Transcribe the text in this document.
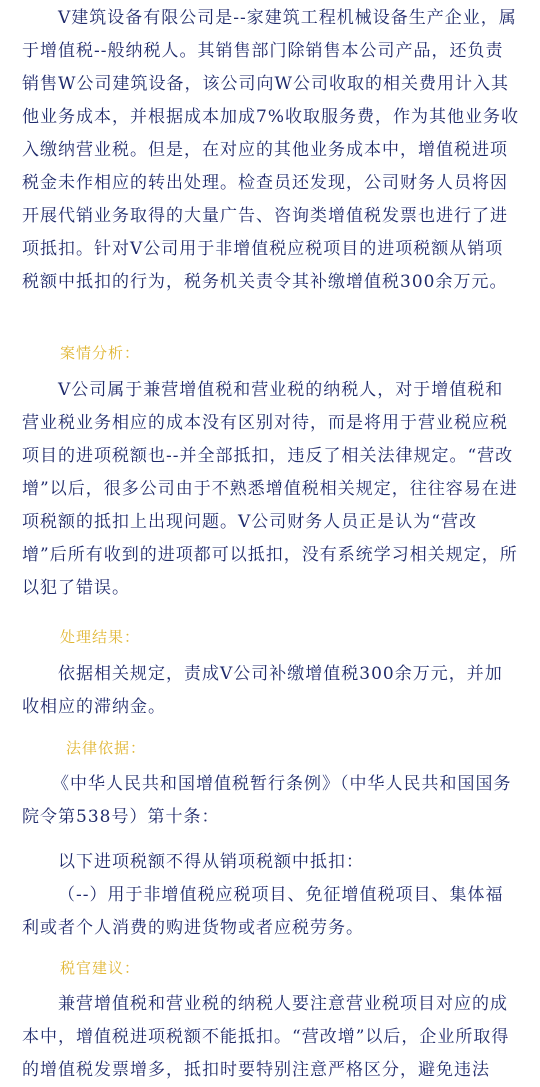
V建筑设备有限公司是--家建筑工程机械设备生产企业，属于增值税--般纳税人。其销售部门除销售本公司产品，还负责销售W公司建筑设备，该公司向W公司收取的相关费用计入其他业务成本，并根据成本加成7%收取服务费，作为其他业务收入缴纳营业税。但是，在对应的其他业务成本中，增值税进项税金未作相应的转出处理。检查员还发现，公司财务人员将因开展代销业务取得的大量广告、咨询类增值税发票也进行了进项抵扣。针对V公司用于非增值税应税项目的进项税额从销项税额中抵扣的行为，税务机关责令其补缴增值税300余万元。

案情分析：

V公司属于兼营增值税和营业税的纳税人，对于增值税和营业税业务相应的成本没有区别对待，而是将用于营业税应税项目的进项税额也--并全部抵扣，违反了相关法律规定。“营改增”以后，很多公司由于不熟悉增值税相关规定，往往容易在进项税额的抵扣上出现问题。V公司财务人员正是认为“营改增”后所有收到的进项都可以抵扣，没有系统学习相关规定，所以犯了错误。

处理结果：

依据相关规定，责成V公司补缴增值税300余万元，并加收相应的滞纳金。

法律依据：

《中华人民共和国增值税暂行条例》（中华人民共和国国务院令第538号）第十条：

以下进项税额不得从销项税额中抵扣：

（--）用于非增值税应税项目、免征增值税项目、集体福利或者个人消费的购进货物或者应税劳务。

税官建议：

兼营增值税和营业税的纳税人要注意营业税项目对应的成本中，增值税进项税额不能抵扣。“营改增”以后，企业所取得的增值税发票增多，抵扣时要特别注意严格区分，避免违法
